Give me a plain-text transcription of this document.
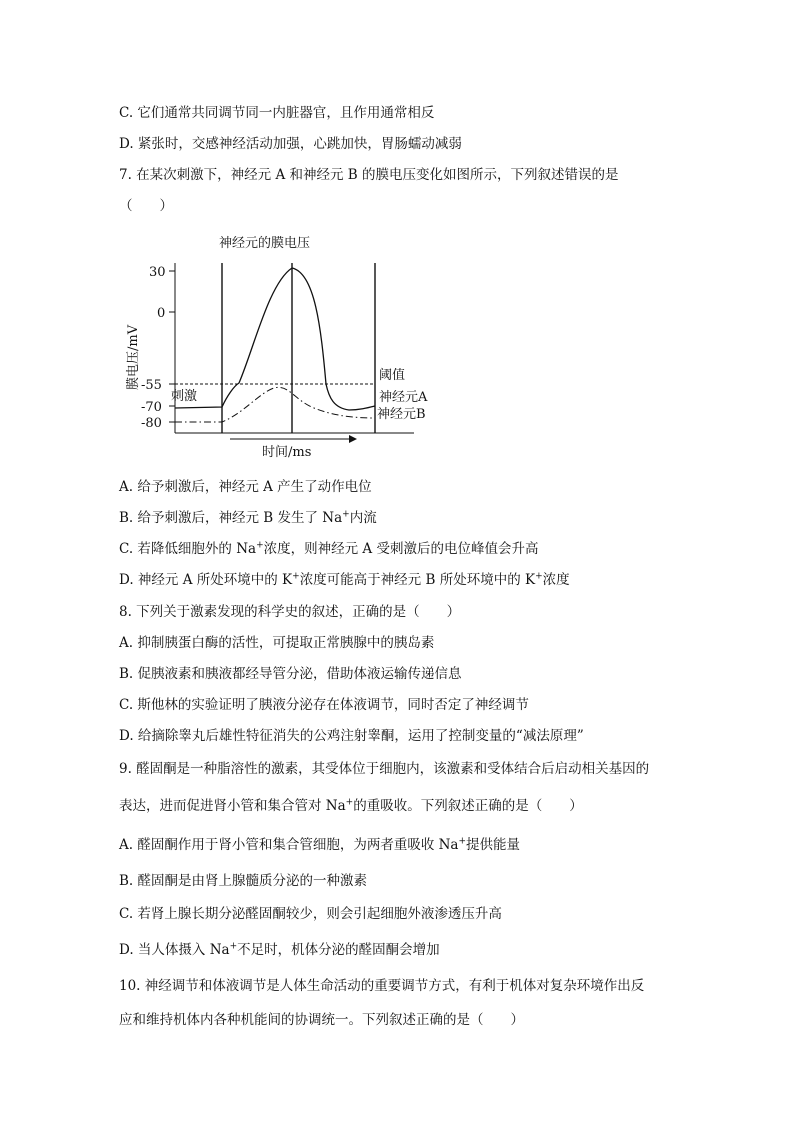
C. 它们通常共同调节同一内脏器官，且作用通常相反
D. 紧张时，交感神经活动加强，心跳加快，胃肠蠕动减弱
7. 在某次刺激下，神经元 A 和神经元 B 的膜电压变化如图所示，下列叙述错误的是
（　　）
神经元的膜电压
30
0
-55
-70
-80
膜电压/mV	阈值
神经元A
神经元B
刺激
时间/ms
A. 给予刺激后，神经元 A 产生了动作电位
B. 给予刺激后，神经元 B 发生了 Na+内流
C. 若降低细胞外的 Na+浓度，则神经元 A 受刺激后的电位峰值会升高
D. 神经元 A 所处环境中的 K+浓度可能高于神经元 B 所处环境中的 K+浓度
8. 下列关于激素发现的科学史的叙述，正确的是（　　）
A. 抑制胰蛋白酶的活性，可提取正常胰腺中的胰岛素
B. 促胰液素和胰液都经导管分泌，借助体液运输传递信息
C. 斯他林的实验证明了胰液分泌存在体液调节，同时否定了神经调节
D. 给摘除睾丸后雄性特征消失的公鸡注射睾酮，运用了控制变量的“减法原理”
9. 醛固酮是一种脂溶性的激素，其受体位于细胞内，该激素和受体结合后启动相关基因的
表达，进而促进肾小管和集合管对 Na+的重吸收。下列叙述正确的是（　　）
A. 醛固酮作用于肾小管和集合管细胞，为两者重吸收 Na+提供能量
B. 醛固酮是由肾上腺髓质分泌的一种激素
C. 若肾上腺长期分泌醛固酮较少，则会引起细胞外液渗透压升高
D. 当人体摄入 Na+不足时，机体分泌的醛固酮会增加
10. 神经调节和体液调节是人体生命活动的重要调节方式，有利于机体对复杂环境作出反
应和维持机体内各种机能间的协调统一。下列叙述正确的是（　　）
